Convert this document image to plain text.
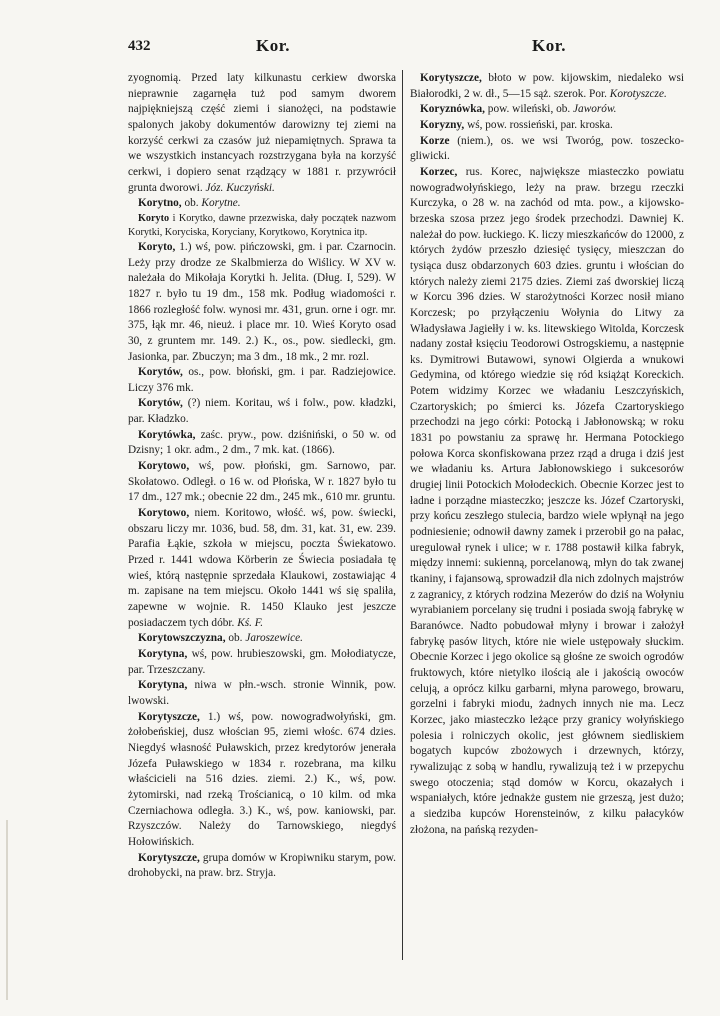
432	Kor.	Kor.

zyognomią. Przed laty kilkunastu cerkiew dworska nieprawnie zagarnęła tuż pod samym dworem najpiękniejszą część ziemi i sianożęci, na podstawie spalonych jakoby dokumentów darowizny tej ziemi na korzyść cerkwi za czasów już niepamiętnych. Sprawa ta we wszystkich instancyach rozstrzygana była na korzyść cerkwi, i dopiero senat rządzący w 1881 r. przywrócił grunta dworowi. Józ. Kuczyński.

Korytno, ob. Korytne.

Koryto i Korytko, dawne przezwiska, dały początek nazwom Korytki, Koryciska, Koryciany, Korytkowo, Korytnica itp.

Koryto, 1.) wś, pow. pińczowski, gm. i par. Czarnocin. Leży przy drodze ze Skalbmierza do Wiślicy. W XV w. należała do Mikołaja Korytki h. Jelita. (Dług. I, 529). W 1827 r. było tu 19 dm., 158 mk. Podług wiadomości r. 1866 rozległość folw. wynosi mr. 431, grun. orne i ogr. mr. 375, łąk mr. 46, nieuż. i place mr. 10. Wieś Koryto osad 30, z gruntem mr. 149. 2.) K., os., pow. siedlecki, gm. Jasionka, par. Zbuczyn; ma 3 dm., 18 mk., 2 mr. rozl.

Korytów, os., pow. błoński, gm. i par. Radziejowice. Liczy 376 mk.

Korytów, (?) niem. Koritau, wś i folw., pow. kładzki, par. Kładzko.

Korytówka, zaśc. pryw., pow. dziśniński, o 50 w. od Dzisny; 1 okr. adm., 2 dm., 7 mk. kat. (1866).

Korytowo, wś, pow. płoński, gm. Sarnowo, par. Skołatowo. Odległ. o 16 w. od Płońska, W r. 1827 było tu 17 dm., 127 mk.; obecnie 22 dm., 245 mk., 610 mr. gruntu.

Korytowo, niem. Koritowo, włość. wś, pow. świecki, obszaru liczy mr. 1036, bud. 58, dm. 31, kat. 31, ew. 239. Parafia Łąkie, szkoła w miejscu, poczta Świekatowo. Przed r. 1441 wdowa Körberin ze Świecia posiadała tę wieś, którą następnie sprzedała Klaukowi, zostawiając 4 m. zapisane na tem miejscu. Około 1441 wś się spaliła, zapewne w wojnie. R. 1450 Klauko jest jeszcze posiadaczem tych dóbr. Kś. F.

Korytowszczyzna, ob. Jaroszewice.

Korytyna, wś, pow. hrubieszowski, gm. Mołodiatycze, par. Trzeszczany.

Korytyna, niwa w płn.-wsch. stronie Winnik, pow. lwowski.

Korytyszcze, 1.) wś, pow. nowogradwołyński, gm. żołobeńskiej, dusz włościan 95, ziemi włośc. 674 dzies. Niegdyś własność Puławskich, przez kredytorów jenerała Józefa Puławskiego w 1834 r. rozebrana, ma kilku właścicieli na 516 dzies. ziemi. 2.) K., wś, pow. żytomirski, nad rzeką Trościanicą, o 10 kilm. od mka Czerniachowa odległa. 3.) K., wś, pow. kaniowski, par. Rzyszczów. Należy do Tarnowskiego, niegdyś Hołowińskich.

Korytyszcze, grupa domów w Kropiwniku starym, pow. drohobycki, na praw. brz. Stryja.

Korytyszcze, błoto w pow. kijowskim, niedaleko wsi Białorodki, 2 w. dł., 5—15 sąż. szerok. Por. Korotyszcze.

Koryznówka, pow. wileński, ob. Jaworów.

Koryzny, wś, pow. rossieński, par. kroska.

Korze (niem.), os. we wsi Tworóg, pow. toszecko-gliwicki.

Korzec, rus. Korec, największe miasteczko powiatu nowogradwołyńskiego, leży na praw. brzegu rzeczki Kurczyka, o 28 w. na zachód od mta. pow., a kijowsko-brzeska szosa przez jego środek przechodzi. Dawniej K. należał do pow. łuckiego. K. liczy mieszkańców do 12000, z których żydów przeszło dziesięć tysięcy, mieszczan do tysiąca dusz obdarzonych 603 dzies. gruntu i włościan do których należy ziemi 2175 dzies. Ziemi zaś dworskiej liczą w Korcu 396 dzies. W starożytności Korzec nosił miano Korczesk; po przyłączeniu Wołynia do Litwy za Władysława Jagiełły i w. ks. litewskiego Witolda, Korczesk nadany został księciu Teodorowi Ostrogskiemu, a następnie ks. Dymitrowi Butawowi, synowi Olgierda a wnukowi Gedymina, od którego wiedzie się ród książąt Koreckich. Potem widzimy Korzec we władaniu Leszczyńskich, Czartoryskich; po śmierci ks. Józefa Czartoryskiego przechodzi na jego córki: Potocką i Jabłonowską; w roku 1831 po powstaniu za sprawę hr. Hermana Potockiego połowa Korca skonfiskowana przez rząd a druga i dziś jest we władaniu ks. Artura Jabłonowskiego i sukcesorów drugiej linii Potockich Mołodeckich. Obecnie Korzec jest to ładne i porządne miasteczko; jeszcze ks. Józef Czartoryski, przy końcu zeszłego stulecia, bardzo wiele wpłynął na jego podniesienie; odnowił dawny zamek i przerobił go na pałac, uregulował rynek i ulice; w r. 1788 postawił kilka fabryk, między innemi: sukienną, porcelanową, młyn do tak zwanej tkaniny, i fajansową, sprowadził dla nich zdolnych majstrów z zagranicy, z których rodzina Mezerów do dziś na Wołyniu wyrabianiem porcelany się trudni i posiada swoją fabrykę w Baranówce. Nadto pobudował młyny i browar i założył fabrykę pasów litych, które nie wiele ustępowały słuckim. Obecnie Korzec i jego okolice są głośne ze swoich ogrodów fruktowych, które nietylko ilością ale i jakością owoców celują, a oprócz kilku garbarni, młyna parowego, browaru, gorzelni i fabryki miodu, żadnych innych nie ma. Lecz Korzec, jako miasteczko leżące przy granicy wołyńskiego polesia i rolniczych okolic, jest głównem siedliskiem bogatych kupców zbożowych i drzewnych, którzy, rywalizując z sobą w handlu, rywalizują też i w przepychu swego otoczenia; stąd domów w Korcu, okazałych i wspaniałych, które jednakże gustem nie grzeszą, jest dużo; a siedziba kupców Horensteinów, z kilku pałacyków złożona, na pańską rezyden-
